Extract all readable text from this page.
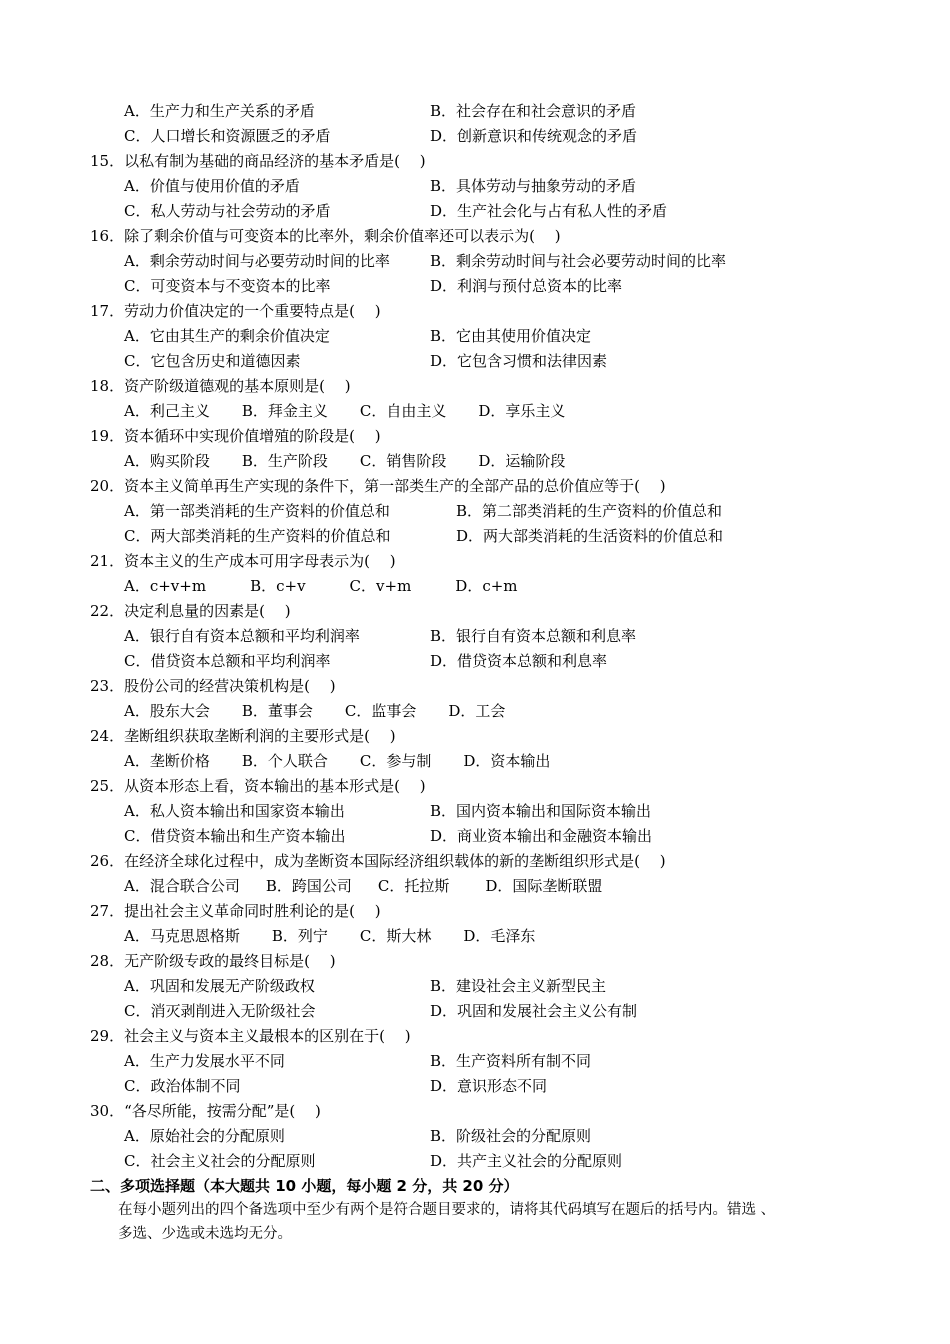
A．生产力和生产关系的矛盾	B．社会存在和社会意识的矛盾
C．人口增长和资源匮乏的矛盾	D．创新意识和传统观念的矛盾
15．以私有制为基础的商品经济的基本矛盾是(　 )
A．价值与使用价值的矛盾	B．具体劳动与抽象劳动的矛盾
C．私人劳动与社会劳动的矛盾	D．生产社会化与占有私人性的矛盾
16．除了剩余价值与可变资本的比率外，剩余价值率还可以表示为(　 )
A．剩余劳动时间与必要劳动时间的比率	B．剩余劳动时间与社会必要劳动时间的比率
C．可变资本与不变资本的比率	D．利润与预付总资本的比率
17．劳动力价值决定的一个重要特点是(　 )
A．它由其生产的剩余价值决定	B．它由其使用价值决定
C．它包含历史和道德因素	D．它包含习惯和法律因素
18．资产阶级道德观的基本原则是(　 )
A．利己主义 B．拜金主义 C．自由主义 D．享乐主义
19．资本循环中实现价值增殖的阶段是(　 )
A．购买阶段 B．生产阶段 C．销售阶段 D．运输阶段
20．资本主义简单再生产实现的条件下，第一部类生产的全部产品的总价值应等于(　 )
A．第一部类消耗的生产资料的价值总和	B．第二部类消耗的生产资料的价值总和
C．两大部类消耗的生产资料的价值总和	D．两大部类消耗的生活资料的价值总和
21．资本主义的生产成本可用字母表示为(　 )
A．c+v+m	B．c+v	C．v+m	D．c+m
22．决定利息量的因素是(　 )
A．银行自有资本总额和平均利润率	B．银行自有资本总额和利息率
C．借贷资本总额和平均利润率	D．借贷资本总额和利息率
23．股份公司的经营决策机构是(　 )
A．股东大会 B．董事会 C．监事会 D．工会
24．垄断组织获取垄断利润的主要形式是(　 )
A．垄断价格 B．个人联合 C．参与制 D．资本输出
25．从资本形态上看，资本输出的基本形式是(　 )
A．私人资本输出和国家资本输出	B．国内资本输出和国际资本输出
C．借贷资本输出和生产资本输出	D．商业资本输出和金融资本输出
26．在经济全球化过程中，成为垄断资本国际经济组织载体的新的垄断组织形式是(　 )
A．混合联合公司 B．跨国公司 C．托拉斯 D．国际垄断联盟
27．提出社会主义革命同时胜利论的是(　 )
A．马克思恩格斯 B．列宁 C．斯大林 D．毛泽东
28．无产阶级专政的最终目标是(　 )
A．巩固和发展无产阶级政权	B．建设社会主义新型民主
C．消灭剥削进入无阶级社会	D．巩固和发展社会主义公有制
29．社会主义与资本主义最根本的区别在于(　 )
A．生产力发展水平不同	B．生产资料所有制不同
C．政治体制不同	D．意识形态不同
30．“各尽所能，按需分配”是(　 )
A．原始社会的分配原则	B．阶级社会的分配原则
C．社会主义社会的分配原则	D．共产主义社会的分配原则
二、多项选择题（本大题共 10 小题，每小题 2 分，共 20 分）
在每小题列出的四个备选项中至少有两个是符合题目要求的，请将其代码填写在题后的括号内。错选 、
多选、少选或未选均无分。
